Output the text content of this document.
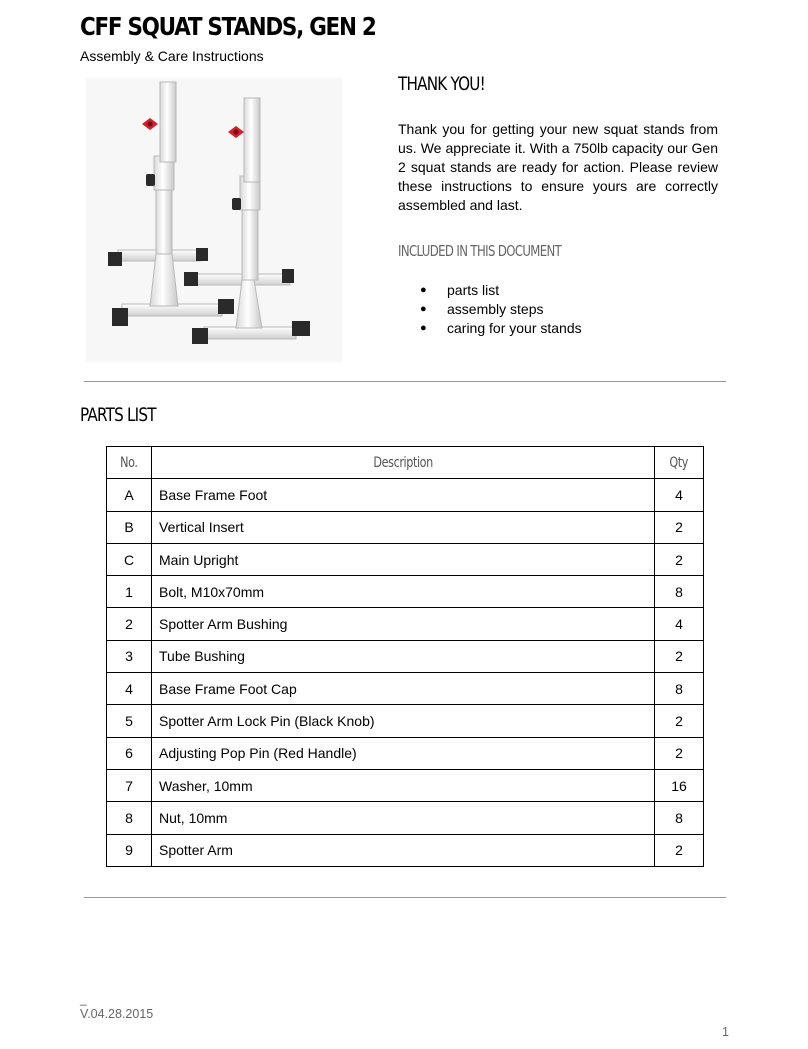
CFF SQUAT STANDS, GEN 2
Assembly & Care Instructions
THANK YOU!

Thank you for getting your new squat stands from us. We appreciate it. With a 750lb capacity our Gen 2 squat stands are ready for action. Please review these instructions to ensure yours are correctly assembled and last.

INCLUDED IN THIS DOCUMENT
● parts list
● assembly steps
● caring for your stands
PARTS LIST
No.	Description	Qty
A	Base Frame Foot	4
B	Vertical Insert	2
C	Main Upright	2
1	Bolt, M10x70mm	8
2	Spotter Arm Bushing	4
3	Tube Bushing	2
4	Base Frame Foot Cap	8
5	Spotter Arm Lock Pin (Black Knob)	2
6	Adjusting Pop Pin (Red Handle)	2
7	Washer, 10mm	16
8	Nut, 10mm	8
9	Spotter Arm	2
_
V.04.28.2015
1
